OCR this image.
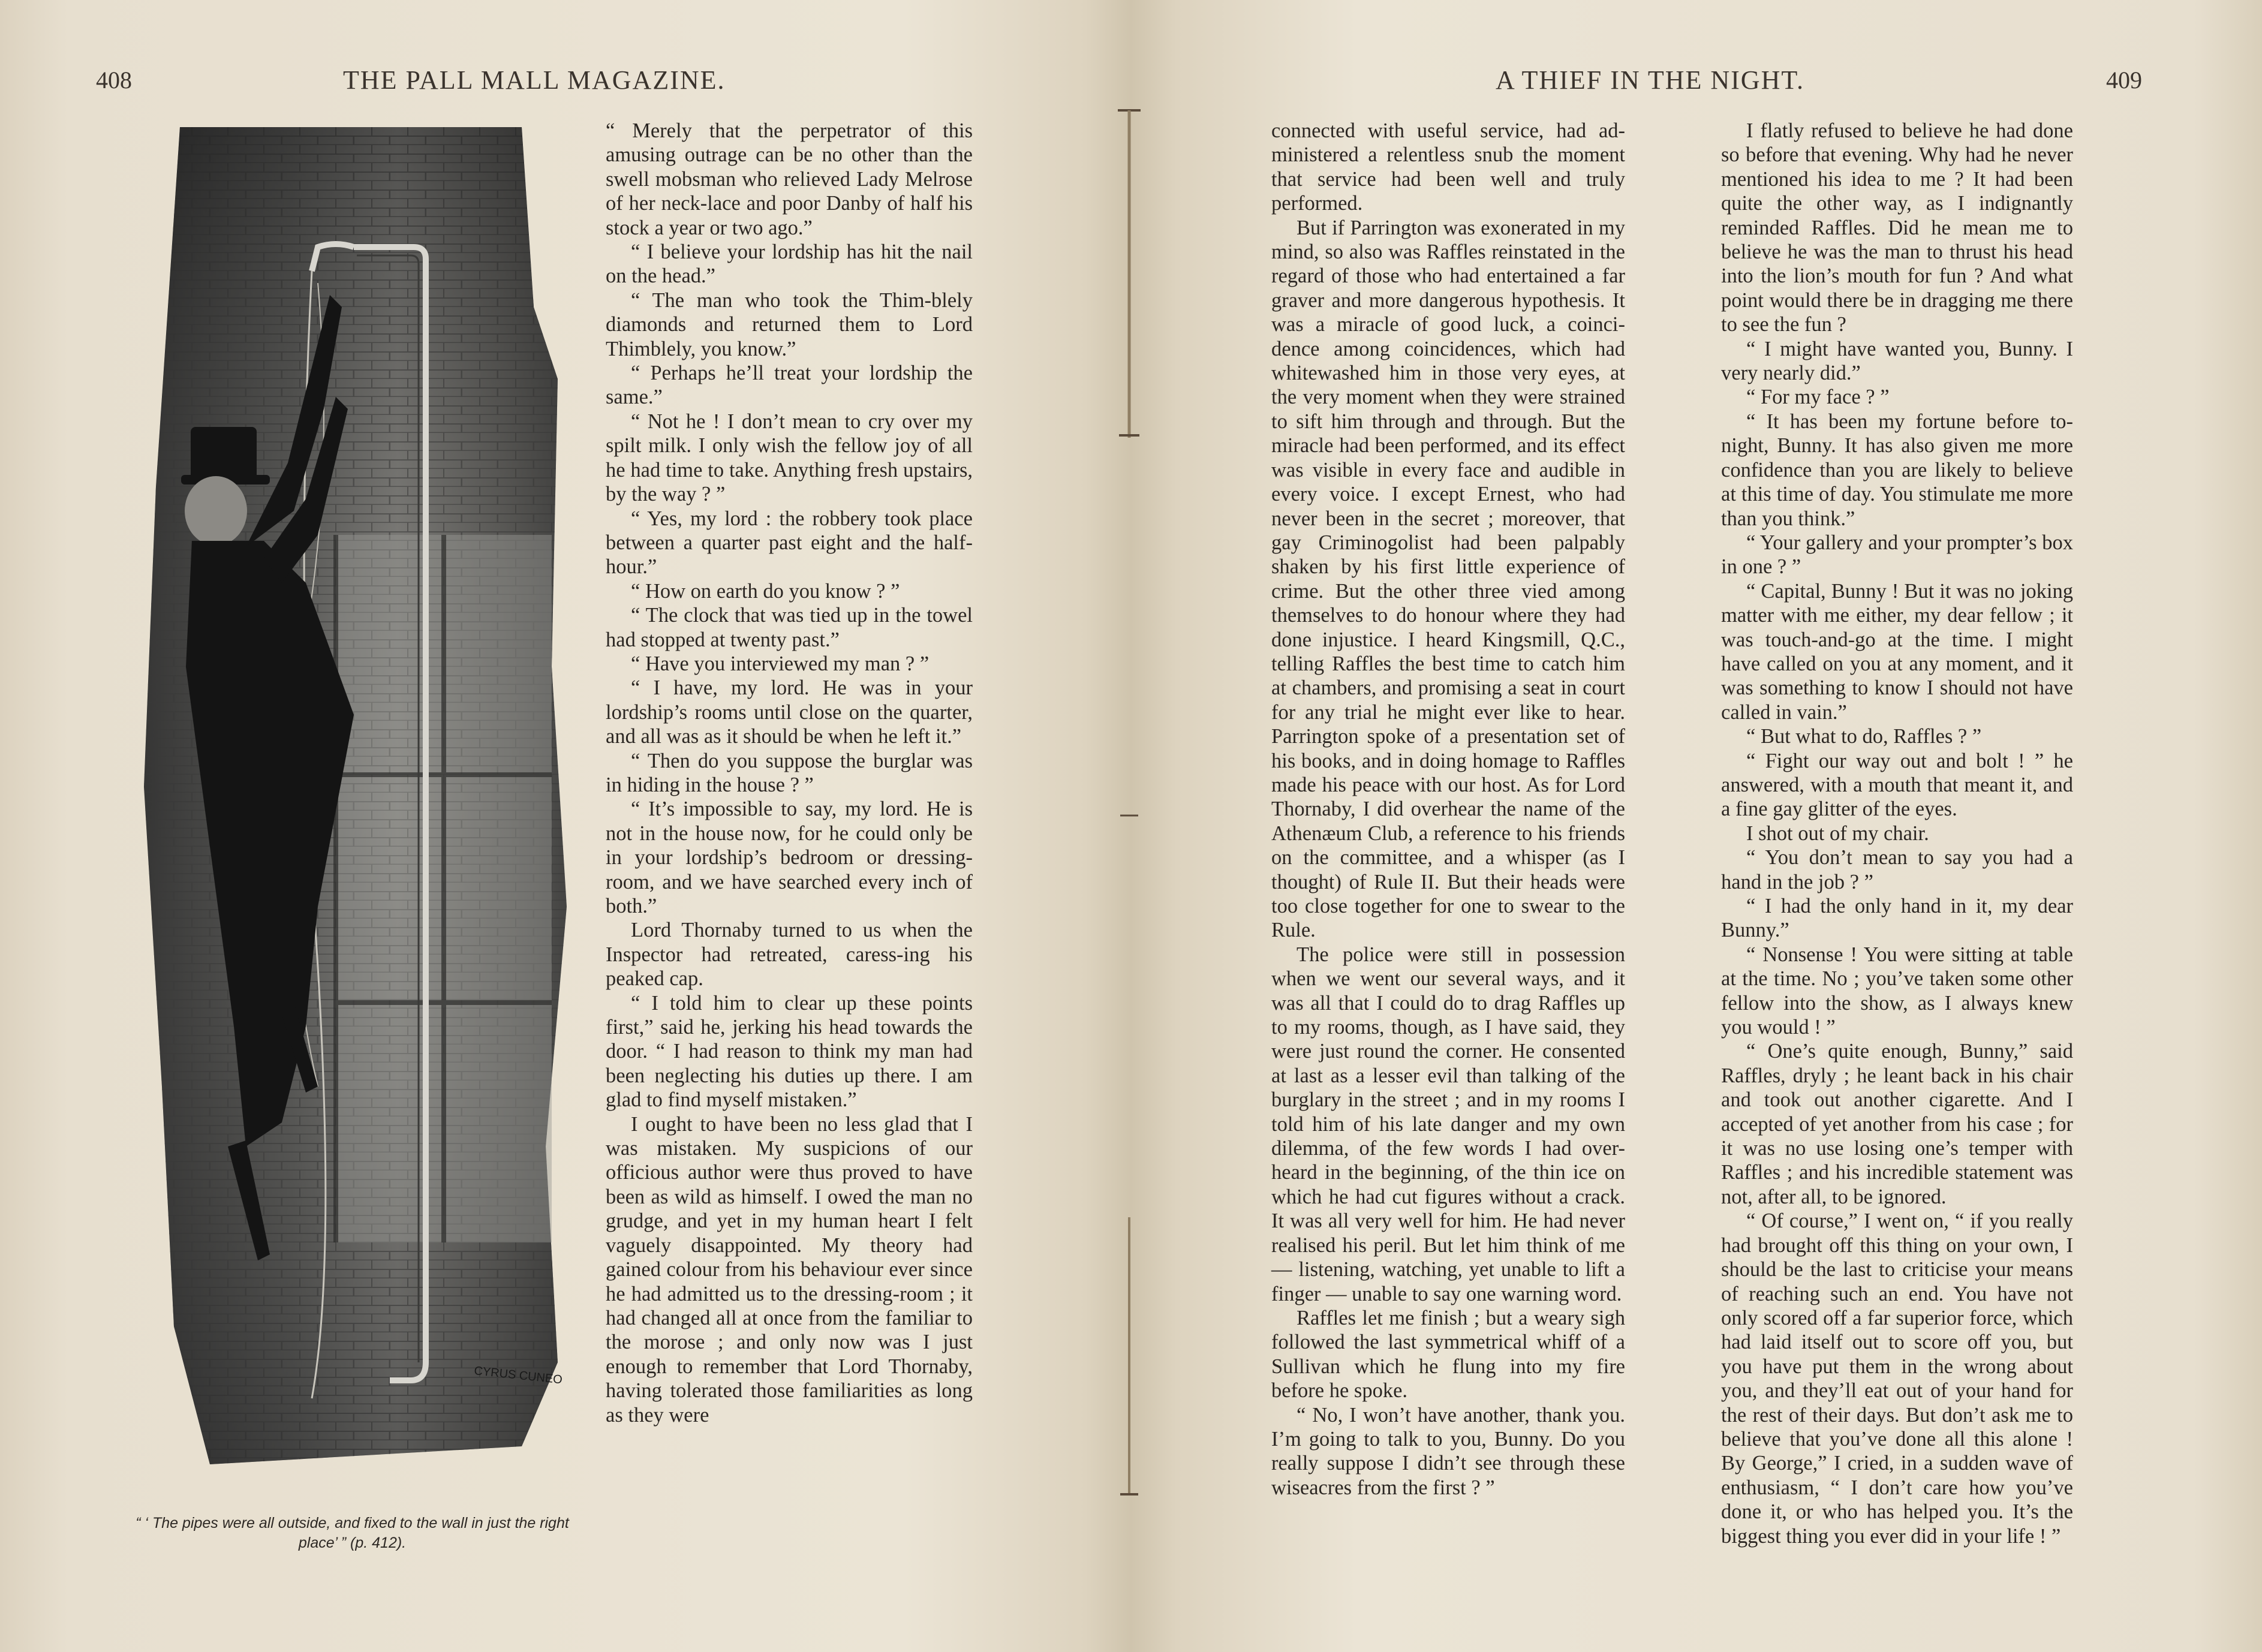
408	THE PALL MALL MAGAZINE.
CYRUS CUNEO
“ ‘ The pipes were all outside, and fixed to the wall in just the right place’ ” (p. 412).

“ Merely that the perpetrator of this amusing outrage can be no other than the swell mobsman who relieved Lady Melrose of her neck-lace and poor Danby of half his stock a year or two ago.”

“ I believe your lordship has hit the nail on the head.”

“ The man who took the Thim-blely diamonds and returned them to Lord Thimblely, you know.”

“ Perhaps he’ll treat your lordship the same.”

“ Not he ! I don’t mean to cry over my spilt milk. I only wish the fellow joy of all he had time to take. Anything fresh upstairs, by the way ? ”

“ Yes, my lord : the robbery took place between a quarter past eight and the half-hour.”

“ How on earth do you know ? ”

“ The clock that was tied up in the towel had stopped at twenty past.”

“ Have you interviewed my man ? ”

“ I have, my lord. He was in your lordship’s rooms until close on the quarter, and all was as it should be when he left it.”

“ Then do you suppose the burglar was in hiding in the house ? ”

“ It’s impossible to say, my lord. He is not in the house now, for he could only be in your lordship’s bedroom or dressing-room, and we have searched every inch of both.”

Lord Thornaby turned to us when the Inspector had retreated, caress-ing his peaked cap.

“ I told him to clear up these points first,” said he, jerking his head towards the door. “ I had reason to think my man had been neglecting his duties up there. I am glad to find myself mistaken.”

I ought to have been no less glad that I was mistaken. My suspicions of our officious author were thus proved to have been as wild as himself. I owed the man no grudge, and yet in my human heart I felt vaguely disappointed. My theory had gained colour from his behaviour ever since he had admitted us to the dressing-room ; it had changed all at once from the familiar to the morose ; and only now was I just enough to remember that Lord Thornaby, having tolerated those familiarities as long as they were

A THIEF IN THE NIGHT.	409

connected with useful service, had ad-ministered a relentless snub the moment that service had been well and truly performed.

But if Parrington was exonerated in my mind, so also was Raffles reinstated in the regard of those who had entertained a far graver and more dangerous hypothesis. It was a miracle of good luck, a coinci-dence among coincidences, which had whitewashed him in those very eyes, at the very moment when they were strained to sift him through and through. But the miracle had been performed, and its effect was visible in every face and audible in every voice. I except Ernest, who had never been in the secret ; moreover, that gay Criminogolist had been palpably shaken by his first little experience of crime. But the other three vied among themselves to do honour where they had done injustice. I heard Kingsmill, Q.C., telling Raffles the best time to catch him at chambers, and promising a seat in court for any trial he might ever like to hear. Parrington spoke of a presentation set of his books, and in doing homage to Raffles made his peace with our host. As for Lord Thornaby, I did overhear the name of the Athenæum Club, a reference to his friends on the committee, and a whisper (as I thought) of Rule II. But their heads were too close together for one to swear to the Rule.

The police were still in possession when we went our several ways, and it was all that I could do to drag Raffles up to my rooms, though, as I have said, they were just round the corner. He consented at last as a lesser evil than talking of the burglary in the street ; and in my rooms I told him of his late danger and my own dilemma, of the few words I had over-heard in the beginning, of the thin ice on which he had cut figures without a crack. It was all very well for him. He had never realised his peril. But let him think of me — listening, watching, yet unable to lift a finger — unable to say one warning word.

Raffles let me finish ; but a weary sigh followed the last symmetrical whiff of a Sullivan which he flung into my fire before he spoke.

“ No, I won’t have another, thank you. I’m going to talk to you, Bunny. Do you really suppose I didn’t see through these wiseacres from the first ? ”

I flatly refused to believe he had done so before that evening. Why had he never mentioned his idea to me ? It had been quite the other way, as I indignantly reminded Raffles. Did he mean me to believe he was the man to thrust his head into the lion’s mouth for fun ? And what point would there be in dragging me there to see the fun ?

“ I might have wanted you, Bunny. I very nearly did.”

“ For my face ? ”

“ It has been my fortune before to-night, Bunny. It has also given me more confidence than you are likely to believe at this time of day. You stimulate me more than you think.”

“ Your gallery and your prompter’s box in one ? ”

“ Capital, Bunny ! But it was no joking matter with me either, my dear fellow ; it was touch-and-go at the time. I might have called on you at any moment, and it was something to know I should not have called in vain.”

“ But what to do, Raffles ? ”

“ Fight our way out and bolt ! ” he answered, with a mouth that meant it, and a fine gay glitter of the eyes.

I shot out of my chair.

“ You don’t mean to say you had a hand in the job ? ”

“ I had the only hand in it, my dear Bunny.”

“ Nonsense ! You were sitting at table at the time. No ; you’ve taken some other fellow into the show, as I always knew you would ! ”

“ One’s quite enough, Bunny,” said Raffles, dryly ; he leant back in his chair and took out another cigarette. And I accepted of yet another from his case ; for it was no use losing one’s temper with Raffles ; and his incredible statement was not, after all, to be ignored.

“ Of course,” I went on, “ if you really had brought off this thing on your own, I should be the last to criticise your means of reaching such an end. You have not only scored off a far superior force, which had laid itself out to score off you, but you have put them in the wrong about you, and they’ll eat out of your hand for the rest of their days. But don’t ask me to believe that you’ve done all this alone ! By George,” I cried, in a sudden wave of enthusiasm, “ I don’t care how you’ve done it, or who has helped you. It’s the biggest thing you ever did in your life ! ”
